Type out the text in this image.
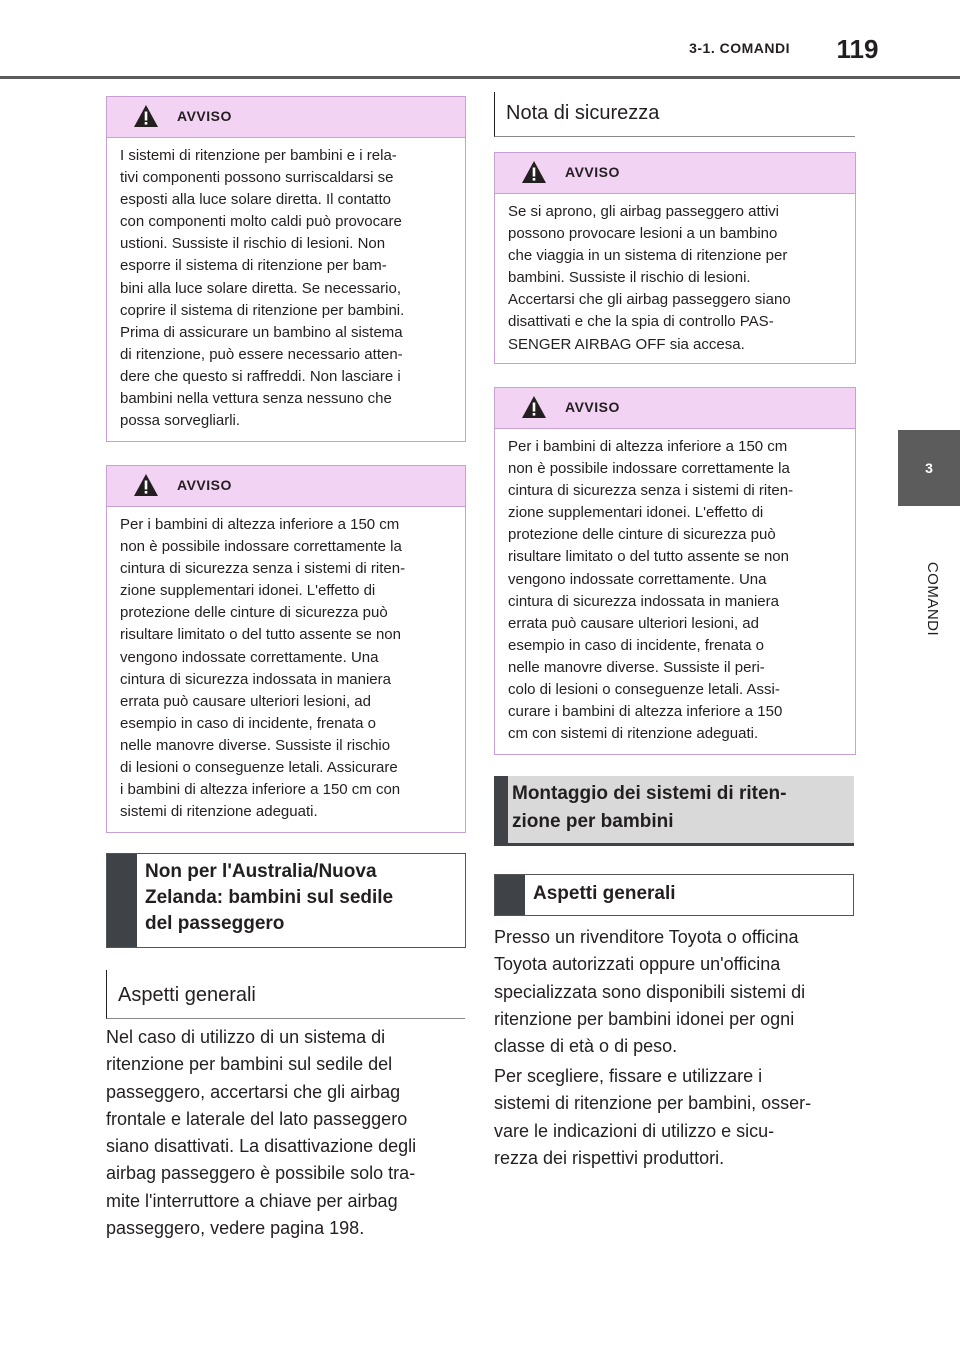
3-1. COMANDI	119
3
COMANDI
AVVISO
I sistemi di ritenzione per bambini e i rela-
tivi componenti possono surriscaldarsi se
esposti alla luce solare diretta. Il contatto
con componenti molto caldi può provocare
ustioni. Sussiste il rischio di lesioni. Non
esporre il sistema di ritenzione per bam-
bini alla luce solare diretta. Se necessario,
coprire il sistema di ritenzione per bambini.
Prima di assicurare un bambino al sistema
di ritenzione, può essere necessario atten-
dere che questo si raffreddi. Non lasciare i
bambini nella vettura senza nessuno che
possa sorvegliarli.
AVVISO
Per i bambini di altezza inferiore a 150 cm
non è possibile indossare correttamente la
cintura di sicurezza senza i sistemi di riten-
zione supplementari idonei. L'effetto di
protezione delle cinture di sicurezza può
risultare limitato o del tutto assente se non
vengono indossate correttamente. Una
cintura di sicurezza indossata in maniera
errata può causare ulteriori lesioni, ad
esempio in caso di incidente, frenata o
nelle manovre diverse. Sussiste il rischio
di lesioni o conseguenze letali. Assicurare
i bambini di altezza inferiore a 150 cm con
sistemi di ritenzione adeguati.
Non per l'Australia/Nuova
Zelanda: bambini sul sedile
del passeggero
Aspetti generali
Nel caso di utilizzo di un sistema di
ritenzione per bambini sul sedile del
passeggero, accertarsi che gli airbag
frontale e laterale del lato passeggero
siano disattivati. La disattivazione degli
airbag passeggero è possibile solo tra-
mite l'interruttore a chiave per airbag
passeggero, vedere pagina 198.
Nota di sicurezza
AVVISO
Se si aprono, gli airbag passeggero attivi
possono provocare lesioni a un bambino
che viaggia in un sistema di ritenzione per
bambini. Sussiste il rischio di lesioni.
Accertarsi che gli airbag passeggero siano
disattivati e che la spia di controllo PAS-
SENGER AIRBAG OFF sia accesa.
AVVISO
Per i bambini di altezza inferiore a 150 cm
non è possibile indossare correttamente la
cintura di sicurezza senza i sistemi di riten-
zione supplementari idonei. L'effetto di
protezione delle cinture di sicurezza può
risultare limitato o del tutto assente se non
vengono indossate correttamente. Una
cintura di sicurezza indossata in maniera
errata può causare ulteriori lesioni, ad
esempio in caso di incidente, frenata o
nelle manovre diverse. Sussiste il peri-
colo di lesioni o conseguenze letali. Assi-
curare i bambini di altezza inferiore a 150
cm con sistemi di ritenzione adeguati.
Montaggio dei sistemi di riten-
zione per bambini
Aspetti generali
Presso un rivenditore Toyota o officina
Toyota autorizzati oppure un'officina
specializzata sono disponibili sistemi di
ritenzione per bambini idonei per ogni
classe di età o di peso.
Per scegliere, fissare e utilizzare i
sistemi di ritenzione per bambini, osser-
vare le indicazioni di utilizzo e sicu-
rezza dei rispettivi produttori.
